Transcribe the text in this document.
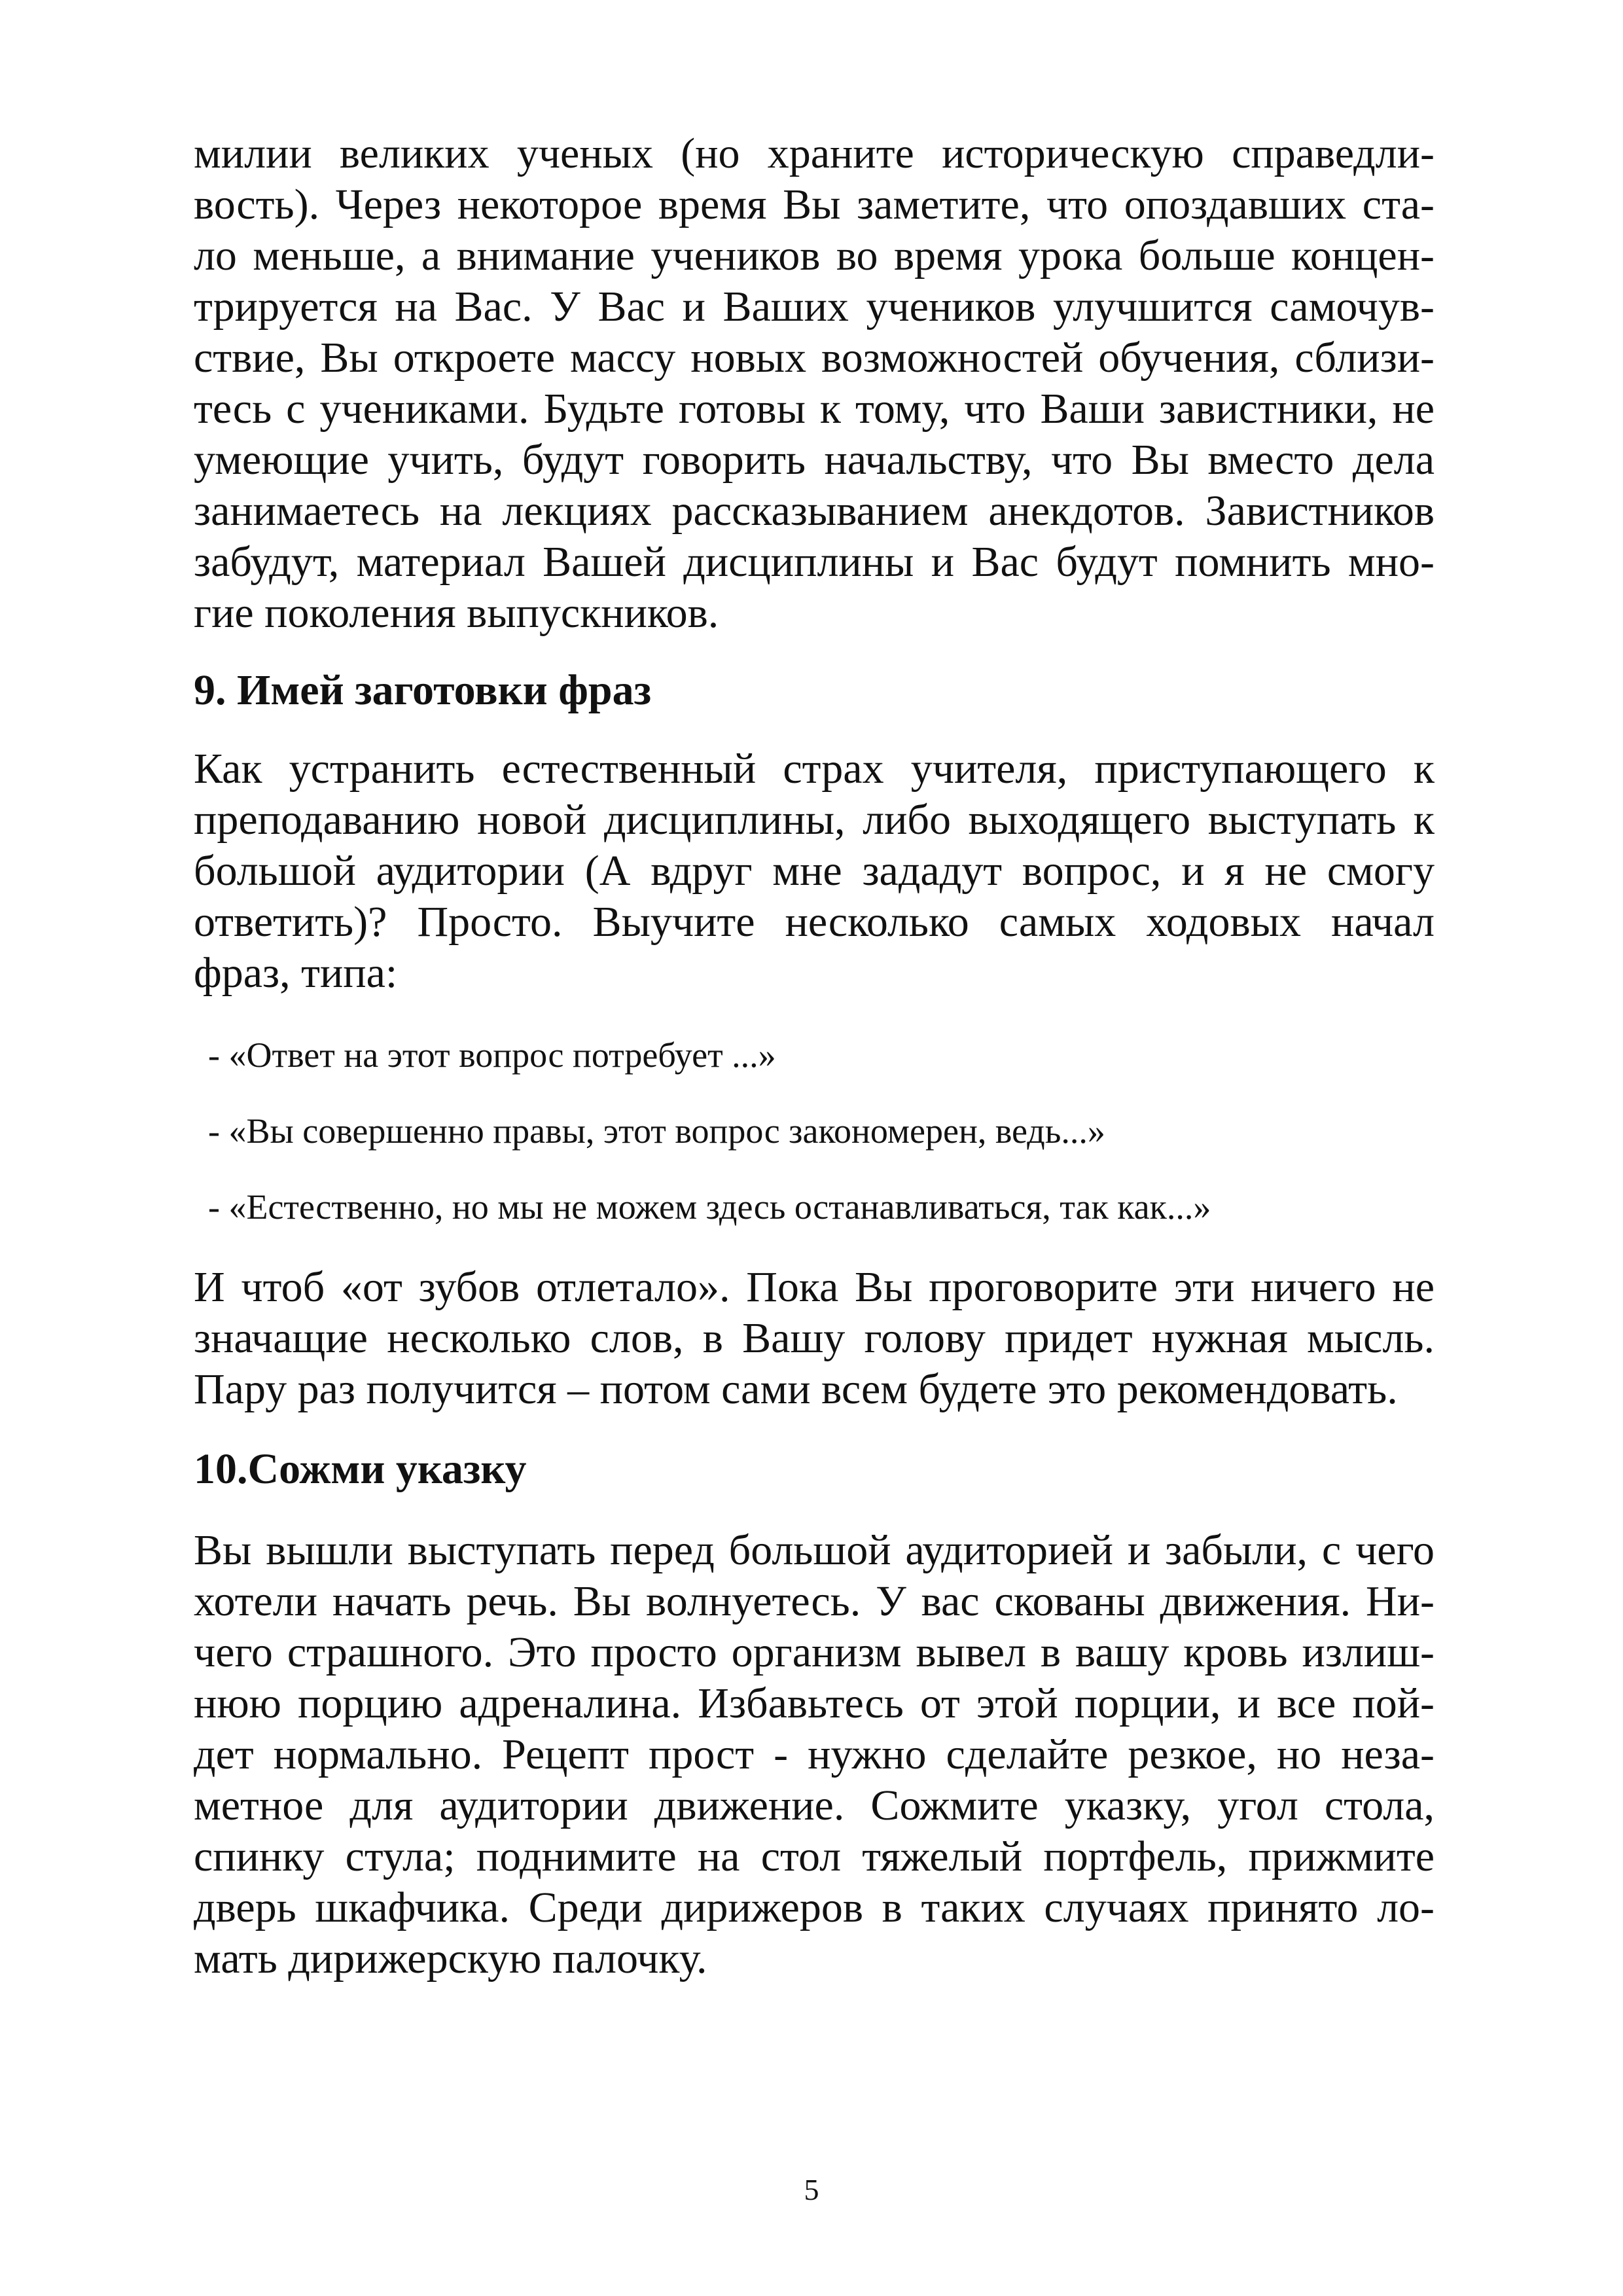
милии великих ученых (но храните историческую справедли-
вость). Через некоторое время Вы заметите, что опоздавших ста-
ло меньше, а внимание учеников во время урока больше концен-
трируется на Вас. У Вас и Ваших учеников улучшится самочув-
ствие, Вы откроете массу новых возможностей обучения, сблизи-
тесь с учениками. Будьте готовы к тому, что Ваши завистники, не
умеющие учить, будут говорить начальству, что Вы вместо дела
занимаетесь на лекциях рассказыванием анекдотов. Завистников
забудут, материал Вашей дисциплины и Вас будут помнить мно-
гие поколения выпускников.
9. Имей заготовки фраз
Как устранить естественный страх учителя, приступающего к
преподаванию новой дисциплины, либо выходящего выступать к
большой аудитории (А вдруг мне зададут вопрос, и я не смогу
ответить)? Просто. Выучите несколько самых ходовых начал
фраз, типа:
- «Ответ на этот вопрос потребует ...»
- «Вы совершенно правы, этот вопрос закономерен, ведь...»
- «Естественно, но мы не можем здесь останавливаться, так как...»
И чтоб «от зубов отлетало». Пока Вы проговорите эти ничего не
значащие несколько слов, в Вашу голову придет нужная мысль.
Пару раз получится – потом сами всем будете это рекомендовать.
10.Сожми указку
Вы вышли выступать перед большой аудиторией и забыли, с чего
хотели начать речь. Вы волнуетесь. У вас скованы движения. Ни-
чего страшного. Это просто организм вывел в вашу кровь излиш-
нюю порцию адреналина. Избавьтесь от этой порции, и все пой-
дет нормально. Рецепт прост - нужно сделайте резкое, но неза-
метное для аудитории движение. Сожмите указку, угол стола,
спинку стула; поднимите на стол тяжелый портфель, прижмите
дверь шкафчика. Среди дирижеров в таких случаях принято ло-
мать дирижерскую палочку.
5
